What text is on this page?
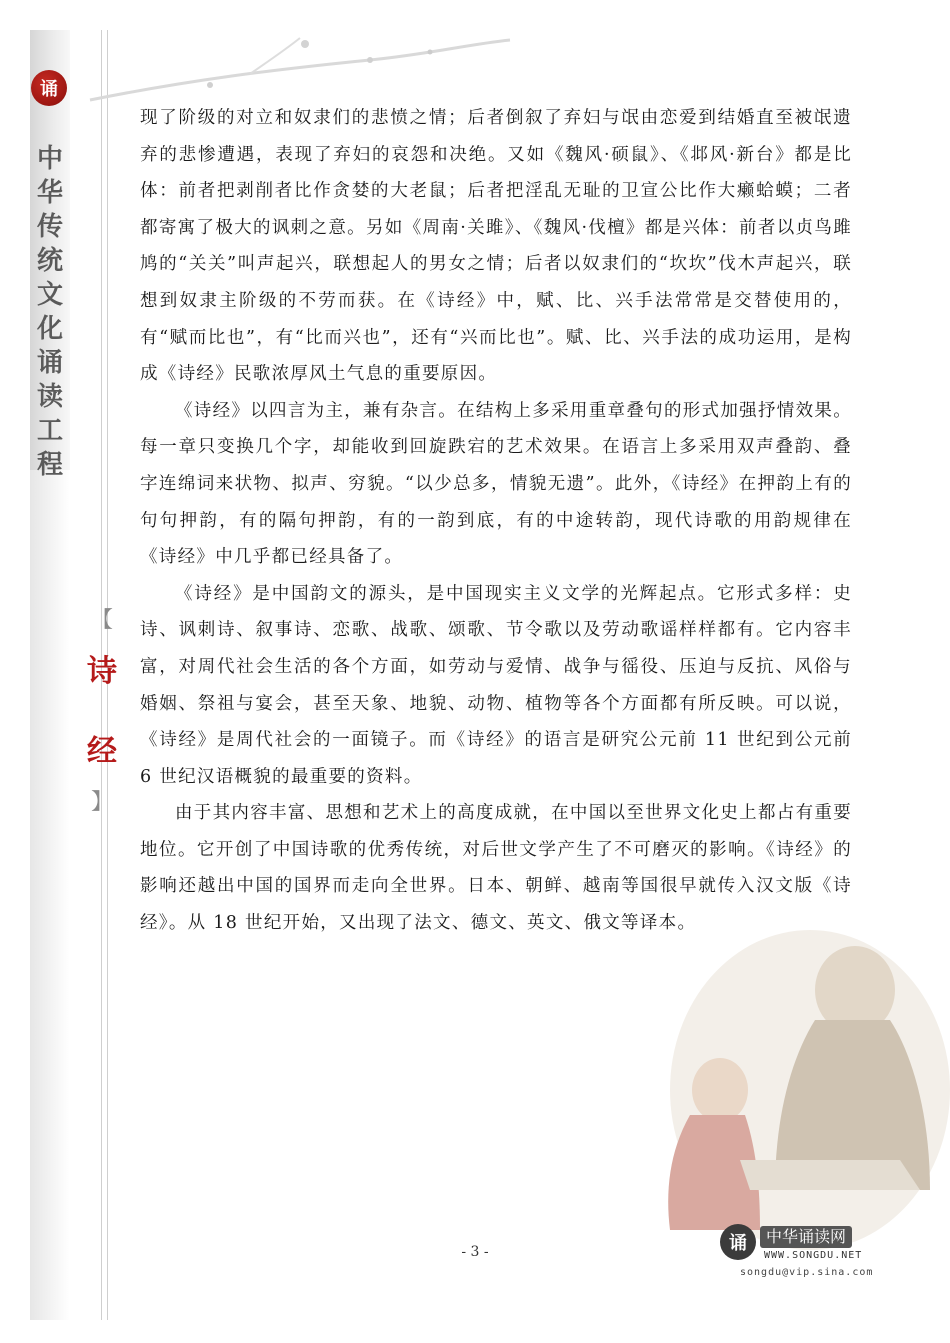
诵
中
华
传
统
文
化
诵
读
工
程
【
诗
经
】

现了阶级的对立和奴隶们的悲愤之情；后者倒叙了弃妇与氓由恋爱到结婚直至被氓遗弃的悲惨遭遇，表现了弃妇的哀怨和决绝。又如《魏风·硕鼠》、《邶风·新台》都是比体：前者把剥削者比作贪婪的大老鼠；后者把淫乱无耻的卫宣公比作大癞蛤蟆；二者都寄寓了极大的讽刺之意。另如《周南·关雎》、《魏风·伐檀》都是兴体：前者以贞鸟雎鸠的“关关”叫声起兴，联想起人的男女之情；后者以奴隶们的“坎坎”伐木声起兴，联想到奴隶主阶级的不劳而获。在《诗经》中，赋、比、兴手法常常是交替使用的，有“赋而比也”，有“比而兴也”，还有“兴而比也”。赋、比、兴手法的成功运用，是构成《诗经》民歌浓厚风土气息的重要原因。

《诗经》以四言为主，兼有杂言。在结构上多采用重章叠句的形式加强抒情效果。每一章只变换几个字，却能收到回旋跌宕的艺术效果。在语言上多采用双声叠韵、叠字连绵词来状物、拟声、穷貌。“以少总多，情貌无遗”。此外，《诗经》在押韵上有的句句押韵，有的隔句押韵，有的一韵到底，有的中途转韵，现代诗歌的用韵规律在《诗经》中几乎都已经具备了。

《诗经》是中国韵文的源头，是中国现实主义文学的光辉起点。它形式多样：史诗、讽刺诗、叙事诗、恋歌、战歌、颂歌、节令歌以及劳动歌谣样样都有。它内容丰富，对周代社会生活的各个方面，如劳动与爱情、战争与徭役、压迫与反抗、风俗与婚姻、祭祖与宴会，甚至天象、地貌、动物、植物等各个方面都有所反映。可以说，《诗经》是周代社会的一面镜子。而《诗经》的语言是研究公元前 11 世纪到公元前 6 世纪汉语概貌的最重要的资料。

由于其内容丰富、思想和艺术上的高度成就，在中国以至世界文化史上都占有重要地位。它开创了中国诗歌的优秀传统，对后世文学产生了不可磨灭的影响。《诗经》的影响还越出中国的国界而走向全世界。日本、朝鲜、越南等国很早就传入汉文版《诗经》。从 18 世纪开始，又出现了法文、德文、英文、俄文等译本。

- 3 -	诵	中华诵读网
WWW.SONGDU.NET
songdu@vip.sina.com
